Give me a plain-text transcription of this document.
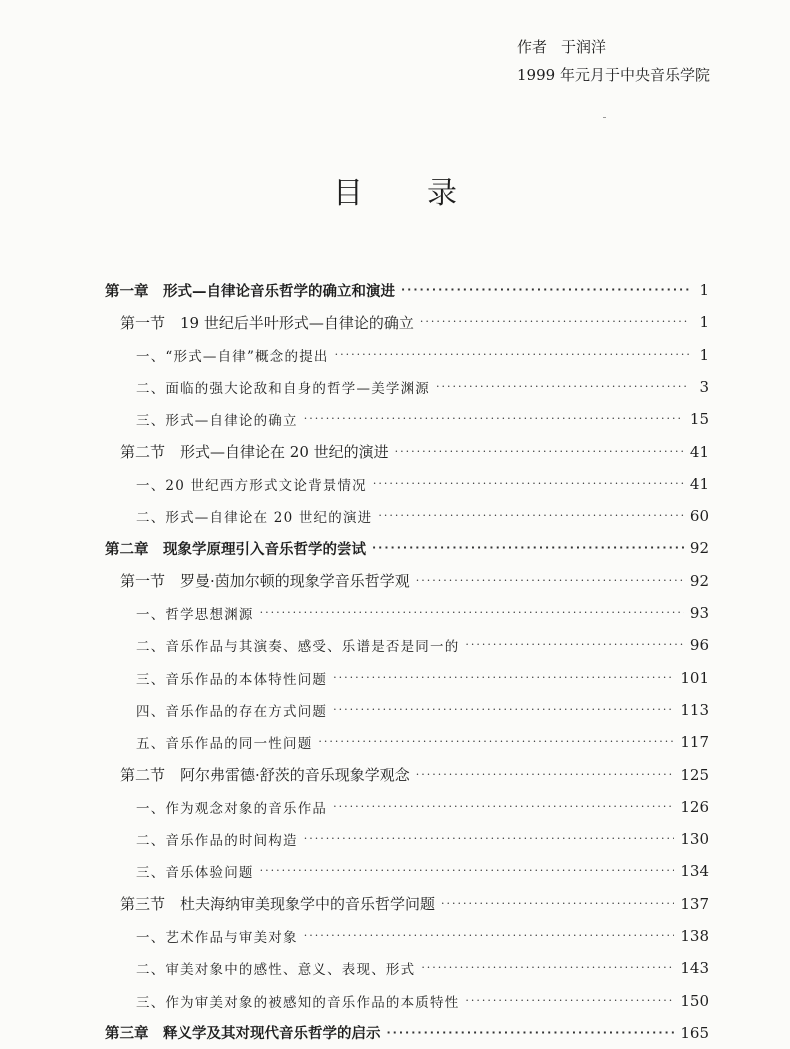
作者 于润洋
1999 年元月于中央音乐学院
目录
第一章　形式—自律论音乐哲学的确立和演进 ·····	1
第一节　19 世纪后半叶形式—自律论的确立 ·····	1
一、“形式—自律”概念的提出 ·····	1
二、面临的强大论敌和自身的哲学—美学渊源 ·····	3
三、形式—自律论的确立 ·····	15
第二节　形式—自律论在 20 世纪的演进 ·····	41
一、20 世纪西方形式文论背景情况 ·····	41
二、形式—自律论在 20 世纪的演进 ·····	60
第二章　现象学原理引入音乐哲学的尝试 ·····	92
第一节　罗曼·茵加尔顿的现象学音乐哲学观 ·····	92
一、哲学思想渊源 ·····	93
二、音乐作品与其演奏、感受、乐谱是否是同一的 ·····	96
三、音乐作品的本体特性问题 ·····	101
四、音乐作品的存在方式问题 ·····	113
五、音乐作品的同一性问题 ·····	117
第二节　阿尔弗雷德·舒茨的音乐现象学观念 ·····	125
一、作为观念对象的音乐作品 ·····	126
二、音乐作品的时间构造 ·····	130
三、音乐体验问题 ·····	134
第三节　杜夫海纳审美现象学中的音乐哲学问题 ·····	137
一、艺术作品与审美对象 ·····	138
二、审美对象中的感性、意义、表现、形式 ·····	143
三、作为审美对象的被感知的音乐作品的本质特性 ·····	150
第三章　释义学及其对现代音乐哲学的启示 ·····	165
